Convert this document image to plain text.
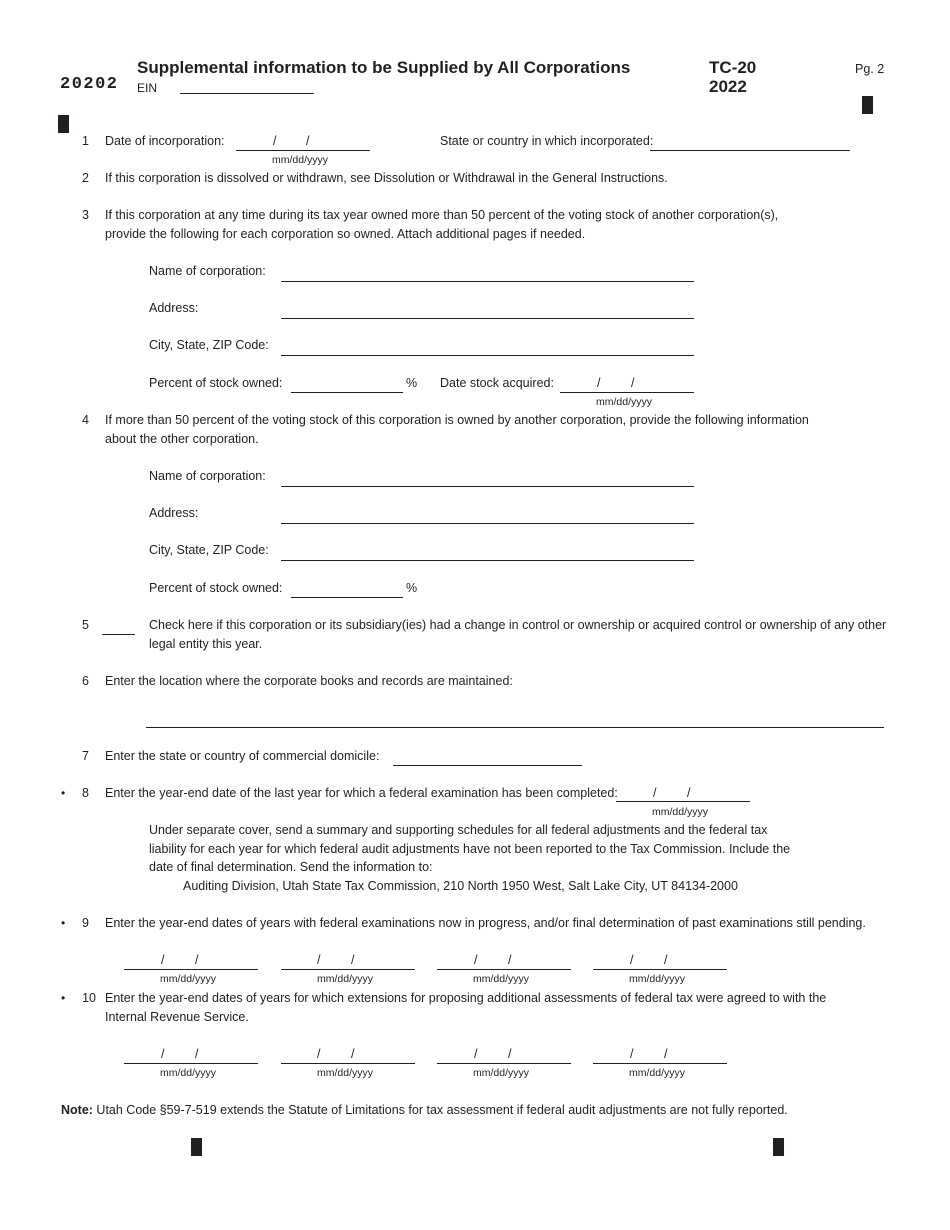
20202
Supplemental information to be Supplied by All Corporations
EIN
TC-20
2022
Pg. 2
1 Date of incorporation:	/ /
mm/dd/yyyy
State or country in which incorporated:
2 If this corporation is dissolved or withdrawn, see Dissolution or Withdrawal in the General Instructions.
3 If this corporation at any time during its tax year owned more than 50 percent of the voting stock of another corporation(s),
provide the following for each corporation so owned. Attach additional pages if needed.
Name of corporation:
Address:
City, State, ZIP Code:
Percent of stock owned:	% Date stock acquired:	/ /
mm/dd/yyyy
4 If more than 50 percent of the voting stock of this corporation is owned by another corporation, provide the following information
about the other corporation.
Name of corporation:
Address:
City, State, ZIP Code:
Percent of stock owned:	%
5	Check here if this corporation or its subsidiary(ies) had a change in control or ownership or acquired control or ownership of any other
legal entity this year.
6 Enter the location where the corporate books and records are maintained:
7 Enter the state or country of commercial domicile:
•	8 Enter the year-end date of the last year for which a federal examination has been completed:	/ /
mm/dd/yyyy
Under separate cover, send a summary and supporting schedules for all federal adjustments and the federal tax
liability for each year for which federal audit adjustments have not been reported to the Tax Commission. Include the
date of final determination. Send the information to:
Auditing Division, Utah State Tax Commission, 210 North 1950 West, Salt Lake City, UT 84134-2000
•	9 Enter the year-end dates of years with federal examinations now in progress, and/or final determination of past examinations still pending.
/ /
mm/dd/yyyy
/ /
mm/dd/yyyy
/ /
mm/dd/yyyy
/ /
mm/dd/yyyy
• 10 Enter the year-end dates of years for which extensions for proposing additional assessments of federal tax were agreed to with the
Internal Revenue Service.
/ /
mm/dd/yyyy
/ /
mm/dd/yyyy
/ /
mm/dd/yyyy
/ /
mm/dd/yyyy
Note: Utah Code §59-7-519 extends the Statute of Limitations for tax assessment if federal audit adjustments are not fully reported.
